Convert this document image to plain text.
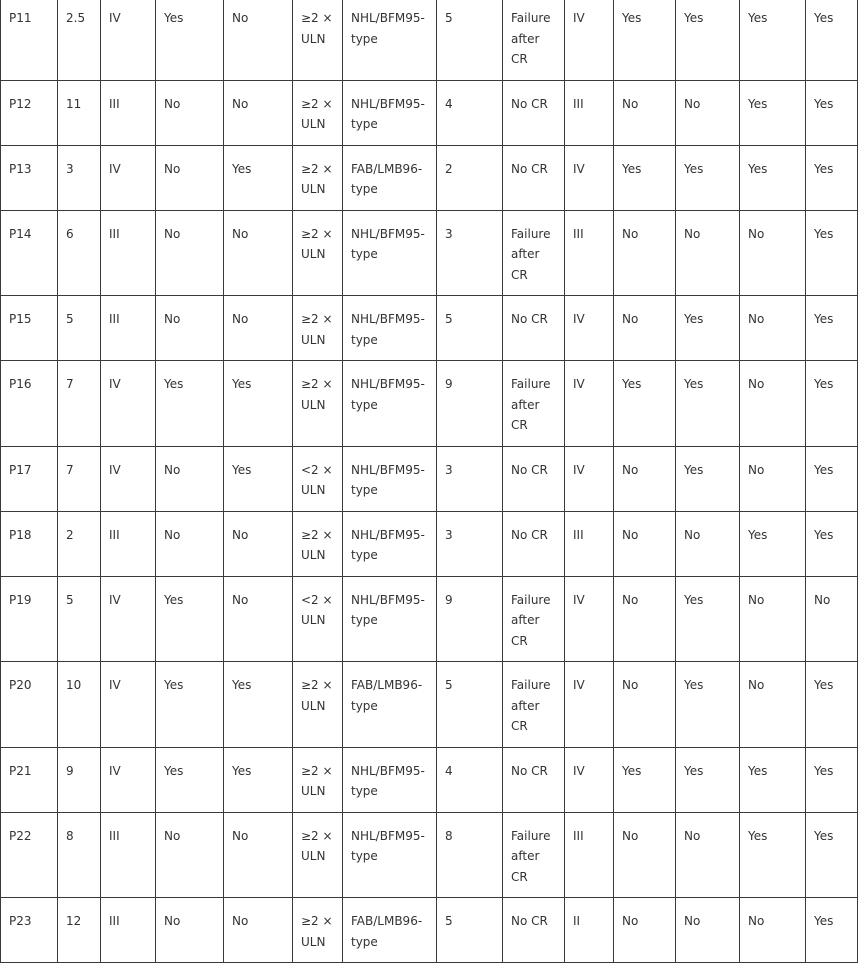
P11	2.5	IV	Yes	No	≥2 × ULN	NHL/BFM95-type	5	Failure after CR	IV	Yes	Yes	Yes	Yes
P12	11	III	No	No	≥2 × ULN	NHL/BFM95-type	4	No CR	III	No	No	Yes	Yes
P13	3	IV	No	Yes	≥2 × ULN	FAB/LMB96-type	2	No CR	IV	Yes	Yes	Yes	Yes
P14	6	III	No	No	≥2 × ULN	NHL/BFM95-type	3	Failure after CR	III	No	No	No	Yes
P15	5	III	No	No	≥2 × ULN	NHL/BFM95-type	5	No CR	IV	No	Yes	No	Yes
P16	7	IV	Yes	Yes	≥2 × ULN	NHL/BFM95-type	9	Failure after CR	IV	Yes	Yes	No	Yes
P17	7	IV	No	Yes	<2 × ULN	NHL/BFM95-type	3	No CR	IV	No	Yes	No	Yes
P18	2	III	No	No	≥2 × ULN	NHL/BFM95-type	3	No CR	III	No	No	Yes	Yes
P19	5	IV	Yes	No	<2 × ULN	NHL/BFM95-type	9	Failure after CR	IV	No	Yes	No	No
P20	10	IV	Yes	Yes	≥2 × ULN	FAB/LMB96-type	5	Failure after CR	IV	No	Yes	No	Yes
P21	9	IV	Yes	Yes	≥2 × ULN	NHL/BFM95-type	4	No CR	IV	Yes	Yes	Yes	Yes
P22	8	III	No	No	≥2 × ULN	NHL/BFM95-type	8	Failure after CR	III	No	No	Yes	Yes
P23	12	III	No	No	≥2 × ULN	FAB/LMB96-type	5	No CR	II	No	No	No	Yes
